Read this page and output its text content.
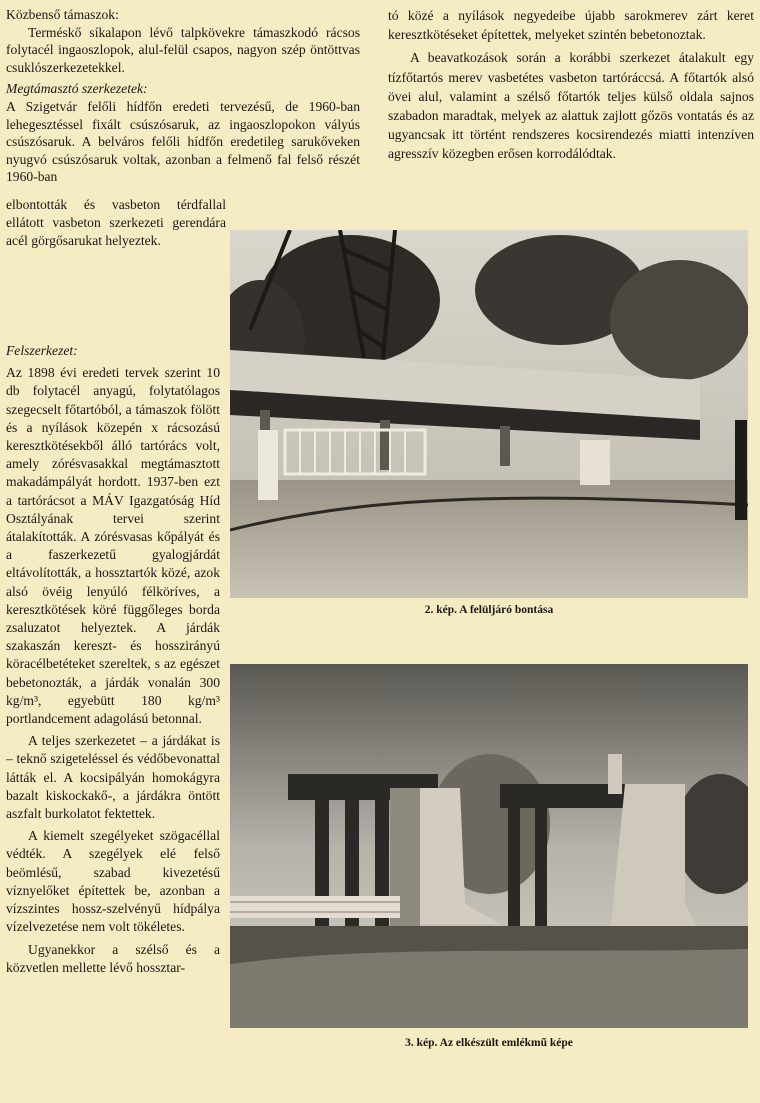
Közbenső támaszok:

Terméskő síkalapon lévő talpkövekre támaszkodó rácsos folytacél ingaoszlopok, alul-felül csapos, nagyon szép öntöttvas csuklószerkezetekkel.

Megtámasztó szerkezetek:

A Szigetvár felőli hídfőn eredeti tervezésű, de 1960-ban lehegesztéssel fixált csúszósaruk, az ingaoszlopokon vályús csúszósaruk. A belváros felőli hídfőn eredetileg sarukőveken nyugvó csúszósaruk voltak, azonban a felmenő fal felső részét 1960-ban

elbontották és vasbeton térdfallal ellátott vasbeton szerkezeti gerendára acél görgősarukat helyeztek.

tó közé a nyílások negyedeibe újabb sarokmerev zárt keret keresztkötéseket építettek, melyeket szintén bebetonoztak.

A beavatkozások során a korábbi szerkezet átalakult egy tízfőtartós merev vasbetétes vasbeton tartóráccsá. A főtartók alsó övei alul, valamint a szélső főtartók teljes külső oldala sajnos szabadon maradtak, melyek az alattuk zajlott gőzös vontatás és az ugyancsak itt történt rendszeres kocsirendezés miatti intenzíven agresszív közegben erősen korrodálódtak.

Felszerkezet:

Az 1898 évi eredeti tervek szerint 10 db folytacél anyagú, folytatólagos szegecselt főtartóból, a támaszok fölött és a nyílások közepén x rácsozású keresztkötésekből álló tartórács volt, amely zórésvasakkal megtámasztott makadámpályát hordott. 1937-ben ezt a tartórácsot a MÁV Igazgatóság Híd Osztályának tervei szerint átalakították. A zórésvasas kőpályát és a faszerkezetű gyalogjárdát eltávolították, a hossztartók közé, azok alsó övéig lenyúló félköríves, a keresztkötések köré függőleges borda zsaluzatot helyeztek. A járdák szakaszán kereszt- és hosszirányú köracélbetéteket szereltek, s az egészet bebetonozták, a járdák vonalán 300 kg/m³, egyebütt 180 kg/m³ portlandcement adagolású betonnal.

A teljes szerkezetet – a járdákat is – teknő szigeteléssel és védőbevonattal látták el. A kocsipályán homokágyra bazalt kiskockakő-, a járdákra öntött aszfalt burkolatot fektettek.

A kiemelt szegélyeket szögacéllal védték. A szegélyek elé felső beömlésű, szabad kivezetésű víznyelőket építettek be, azonban a vízszintes hossz-szelvényű hídpálya vízelvezetése nem volt tökéletes.

Ugyanekkor a szélső és a közvetlen mellette lévő hossztar-

2. kép. A felüljáró bontása
3. kép. Az elkészült emlékmű képe
